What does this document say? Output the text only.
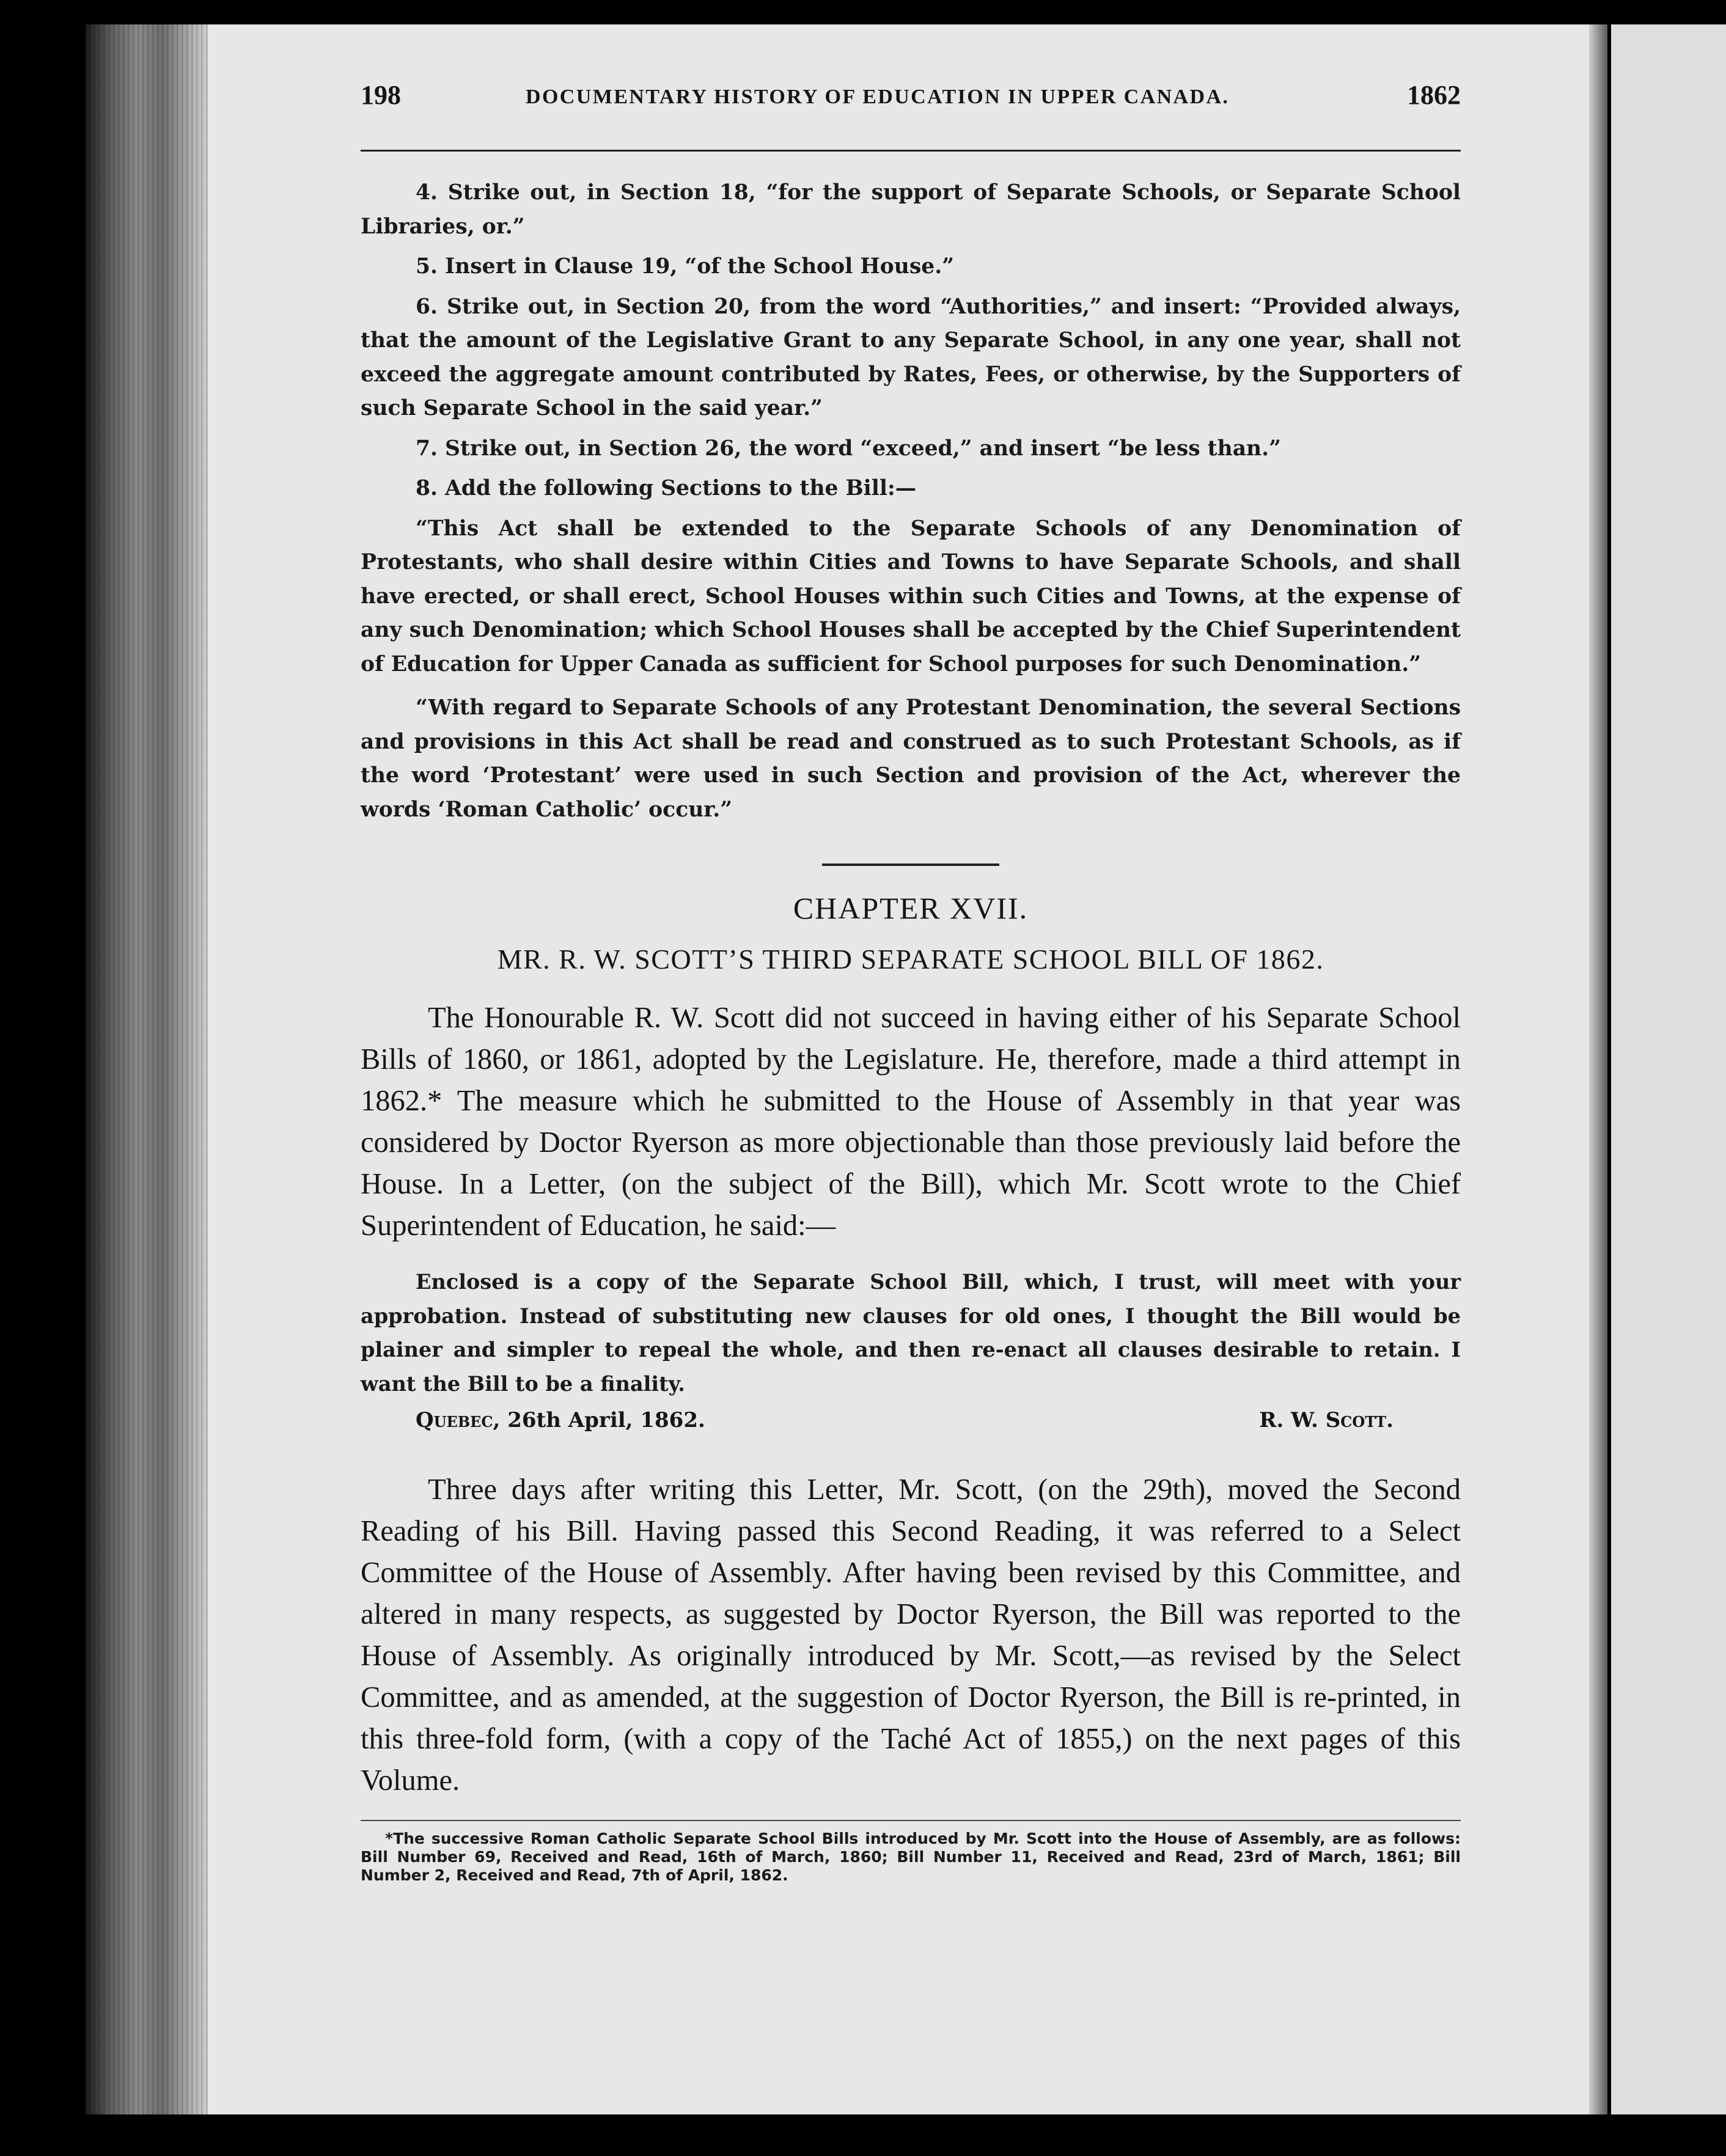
198	DOCUMENTARY HISTORY OF EDUCATION IN UPPER CANADA.	1862

4. Strike out, in Section 18, “for the support of Separate Schools, or Separate School Libraries, or.”

5. Insert in Clause 19, “of the School House.”

6. Strike out, in Section 20, from the word “Authorities,” and insert: “Provided always, that the amount of the Legislative Grant to any Separate School, in any one year, shall not exceed the aggregate amount contributed by Rates, Fees, or otherwise, by the Supporters of such Separate School in the said year.”

7. Strike out, in Section 26, the word “exceed,” and insert “be less than.”

8. Add the following Sections to the Bill:—

“This Act shall be extended to the Separate Schools of any Denomination of Protestants, who shall desire within Cities and Towns to have Separate Schools, and shall have erected, or shall erect, School Houses within such Cities and Towns, at the expense of any such Denomination; which School Houses shall be accepted by the Chief Superintendent of Education for Upper Canada as sufficient for School purposes for such Denomination.”

“With regard to Separate Schools of any Protestant Denomination, the several Sections and provisions in this Act shall be read and construed as to such Protestant Schools, as if the word ‘Protestant’ were used in such Section and provision of the Act, wherever the words ‘Roman Catholic’ occur.”

CHAPTER XVII.
MR. R. W. SCOTT’S THIRD SEPARATE SCHOOL BILL OF 1862.

The Honourable R. W. Scott did not succeed in having either of his Separate School Bills of 1860, or 1861, adopted by the Legislature. He, therefore, made a third attempt in 1862.* The measure which he submitted to the House of Assembly in that year was considered by Doctor Ryerson as more objectionable than those previously laid before the House. In a Letter, (on the subject of the Bill), which Mr. Scott wrote to the Chief Superintendent of Education, he said:—

Enclosed is a copy of the Separate School Bill, which, I trust, will meet with your approbation. Instead of substituting new clauses for old ones, I thought the Bill would be plainer and simpler to repeal the whole, and then re-enact all clauses desirable to retain. I want the Bill to be a finality.

Quebec, 26th April, 1862.	R. W. Scott.

Three days after writing this Letter, Mr. Scott, (on the 29th), moved the Second Reading of his Bill. Having passed this Second Reading, it was referred to a Select Committee of the House of Assembly. After having been revised by this Committee, and altered in many respects, as suggested by Doctor Ryerson, the Bill was reported to the House of Assembly. As originally introduced by Mr. Scott,—as revised by the Select Committee, and as amended, at the suggestion of Doctor Ryerson, the Bill is re-printed, in this three-fold form, (with a copy of the Taché Act of 1855,) on the next pages of this Volume.

*The successive Roman Catholic Separate School Bills introduced by Mr. Scott into the House of Assembly, are as follows: Bill Number 69, Received and Read, 16th of March, 1860; Bill Number 11, Received and Read, 23rd of March, 1861; Bill Number 2, Received and Read, 7th of April, 1862.
